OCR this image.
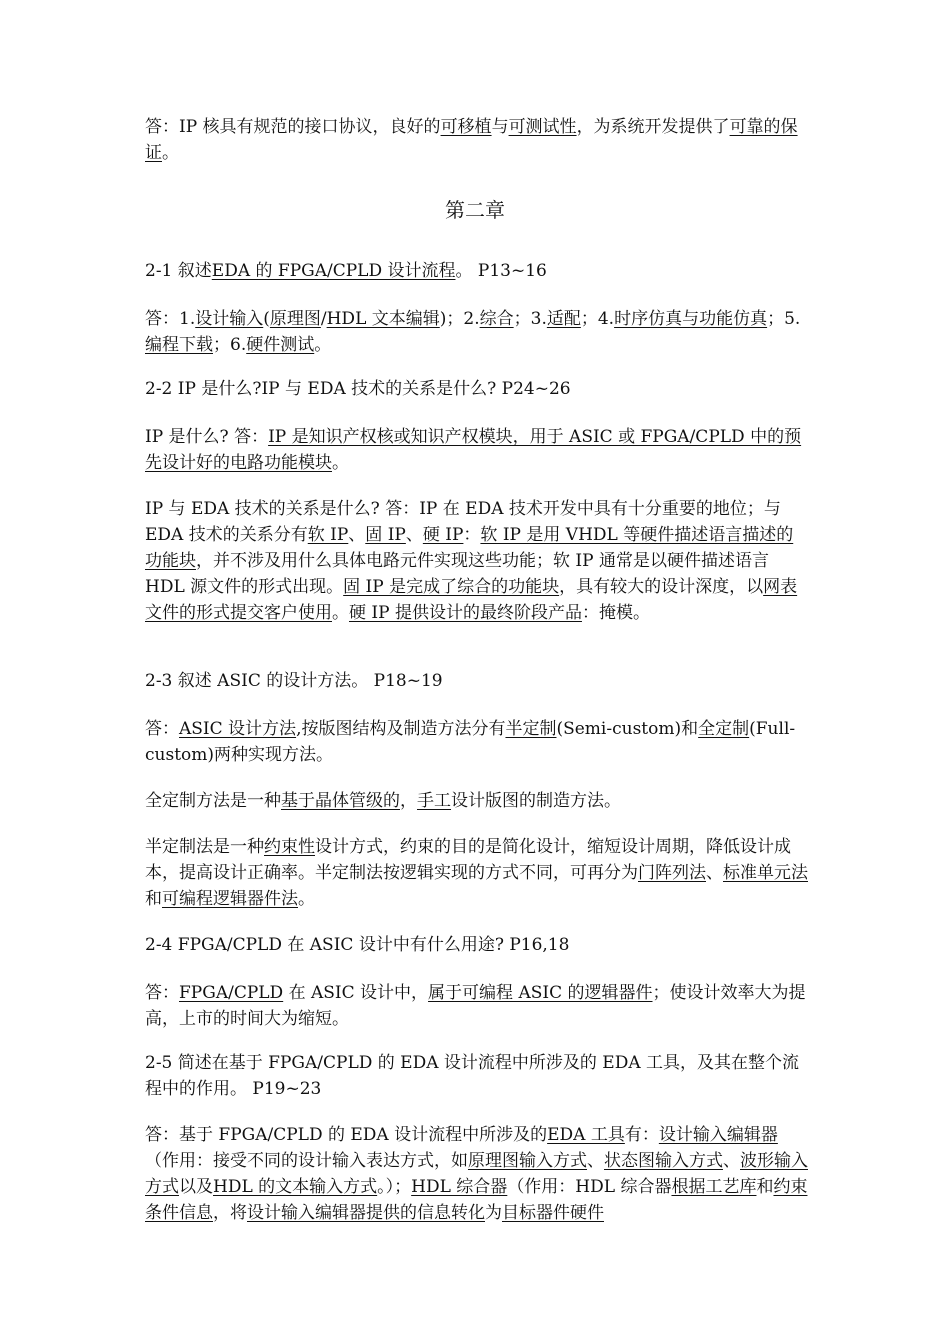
答：IP 核具有规范的接口协议，良好的可移植与可测试性，为系统开发提供了可靠的保证。

第二章

2-1 叙述EDA 的 FPGA/CPLD 设计流程。 P13~16

答：1.设计输入(原理图/HDL 文本编辑)；2.综合；3.适配；4.时序仿真与功能仿真；5.编程下载；6.硬件测试。

2-2 IP 是什么?IP 与 EDA 技术的关系是什么? P24~26

IP 是什么? 答：IP 是知识产权核或知识产权模块，用于 ASIC 或 FPGA/CPLD 中的预先设计好的电路功能模块。

IP 与 EDA 技术的关系是什么? 答：IP 在 EDA 技术开发中具有十分重要的地位；与 EDA 技术的关系分有软 IP、固 IP、硬 IP：软 IP 是用 VHDL 等硬件描述语言描述的功能块，并不涉及用什么具体电路元件实现这些功能；软 IP 通常是以硬件描述语言 HDL 源文件的形式出现。固 IP 是完成了综合的功能块，具有较大的设计深度，以网表文件的形式提交客户使用。硬 IP 提供设计的最终阶段产品：掩模。

2-3 叙述 ASIC 的设计方法。 P18~19

答：ASIC 设计方法,按版图结构及制造方法分有半定制(Semi-custom)和全定制(Full-custom)两种实现方法。

全定制方法是一种基于晶体管级的，手工设计版图的制造方法。

半定制法是一种约束性设计方式，约束的目的是简化设计，缩短设计周期，降低设计成本，提高设计正确率。半定制法按逻辑实现的方式不同，可再分为门阵列法、标准单元法和可编程逻辑器件法。

2-4 FPGA/CPLD 在 ASIC 设计中有什么用途? P16,18

答：FPGA/CPLD 在 ASIC 设计中，属于可编程 ASIC 的逻辑器件；使设计效率大为提高，上市的时间大为缩短。

2-5 简述在基于 FPGA/CPLD 的 EDA 设计流程中所涉及的 EDA 工具，及其在整个流程中的作用。 P19~23

答：基于 FPGA/CPLD 的 EDA 设计流程中所涉及的EDA 工具有：设计输入编辑器（作用：接受不同的设计输入表达方式，如原理图输入方式、状态图输入方式、波形输入方式以及HDL 的文本输入方式。）；HDL 综合器（作用：HDL 综合器根据工艺库和约束条件信息，将设计输入编辑器提供的信息转化为目标器件硬件
